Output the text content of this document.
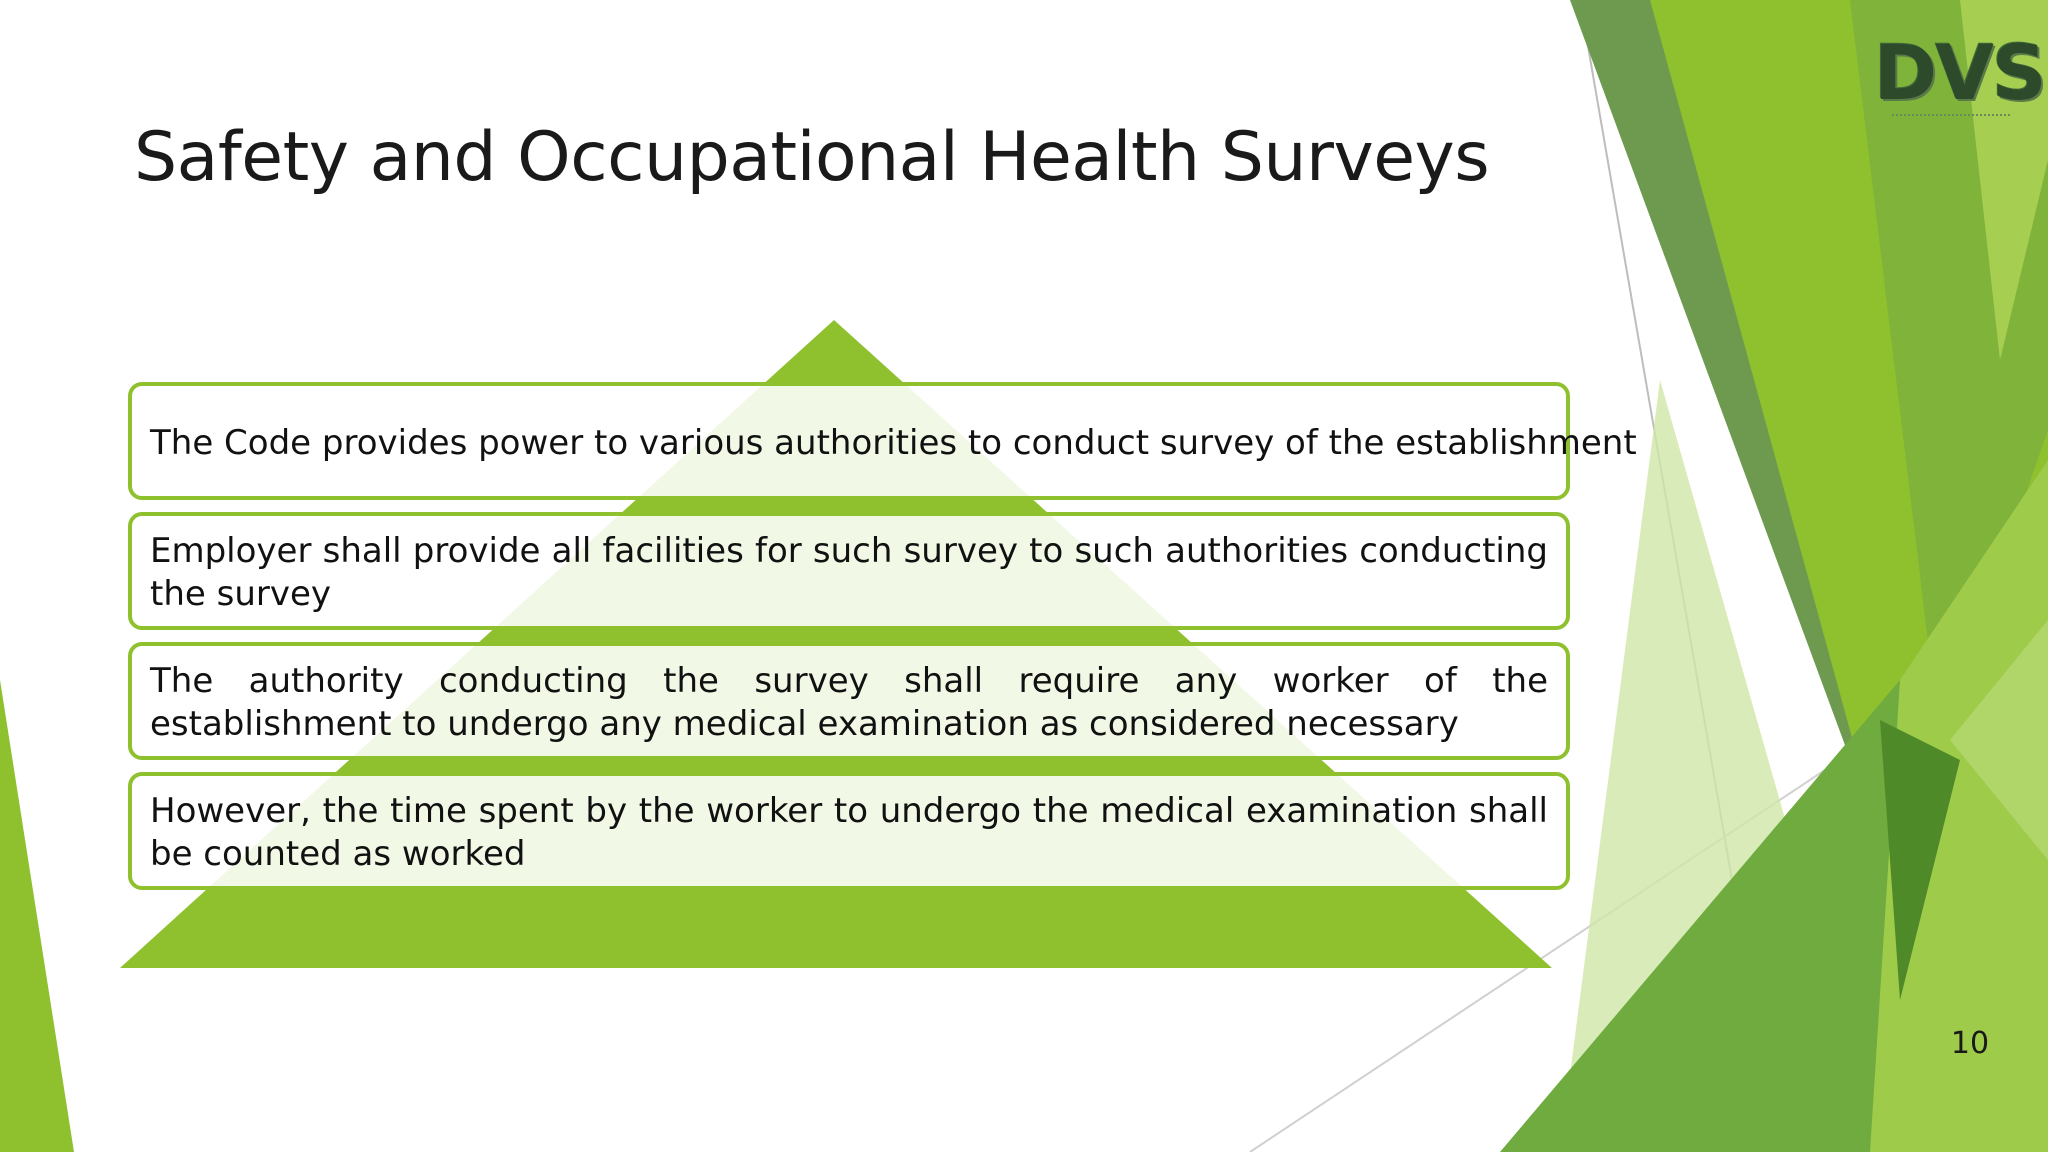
Safety and Occupational Health Surveys
DVS
The Code provides power to various authorities to conduct survey of the establishment
Employer shall provide all facilities for such survey to such authorities conducting the survey
The authority conducting the survey shall require any worker of the establishment to undergo any medical examination as considered necessary
However, the time spent by the worker to undergo the medical examination shall be counted as worked
10
